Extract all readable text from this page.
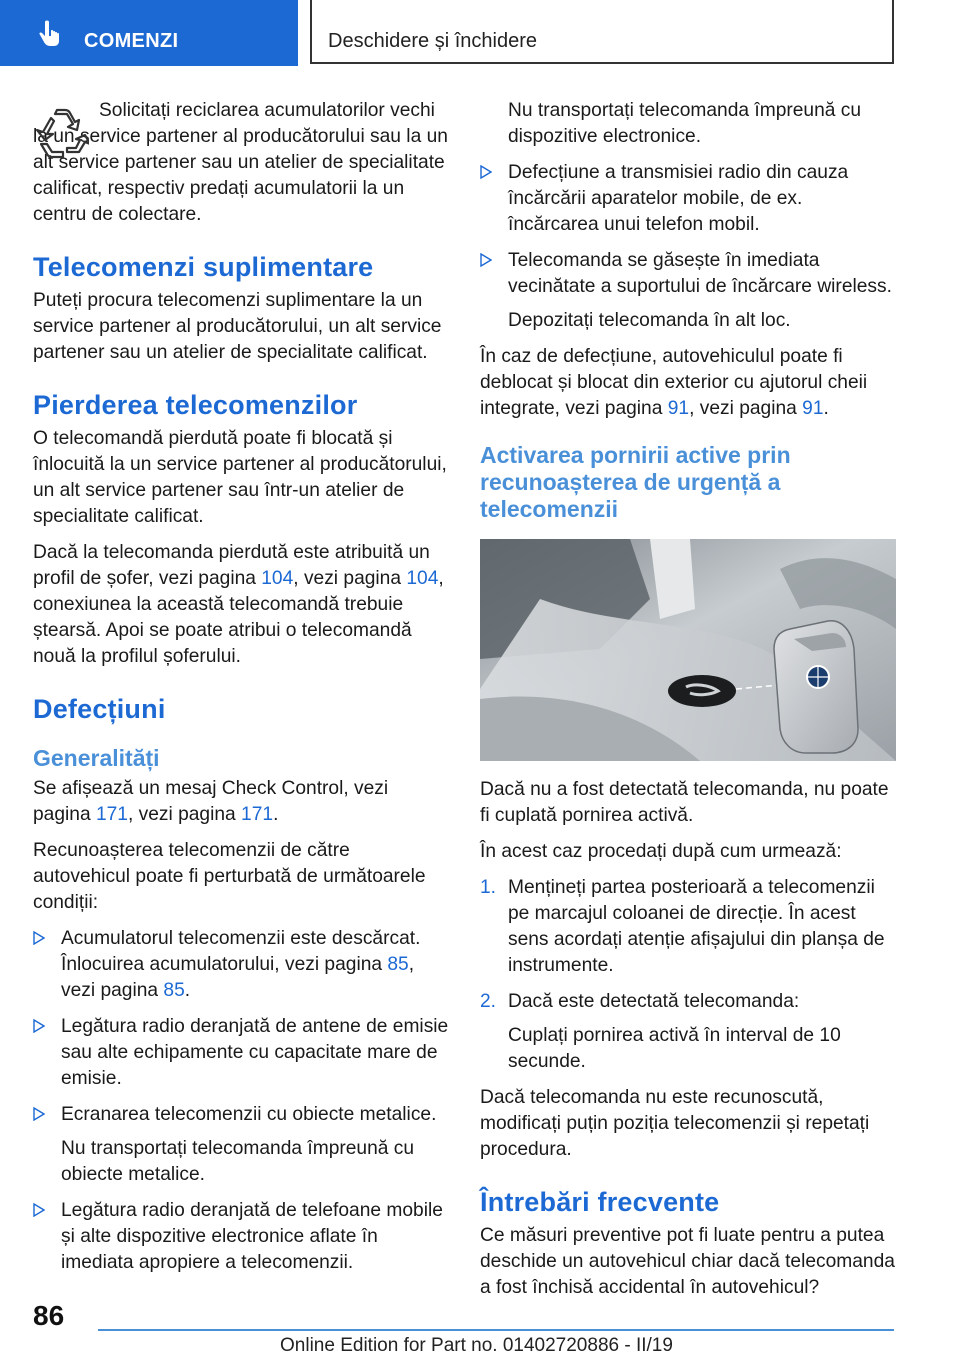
COMENZI	Deschidere și închidere

Solicitați reciclarea acumulatorilor vechi la un service partener al producătorului sau la un alt service partener sau un atelier de specialitate calificat, respectiv predați acumulatorii la un centru de colectare.

Telecomenzi suplimentare

Puteți procura telecomenzi suplimentare la un service partener al producătorului, un alt service partener sau un atelier de specialitate calificat.

Pierderea telecomenzilor

O telecomandă pierdută poate fi blocată și înlocuită la un service partener al producătorului, un alt service partener sau într-un atelier de specialitate calificat.

Dacă la telecomanda pierdută este atribuită un profil de șofer, vezi pagina 104, vezi pagina 104, conexiunea la această telecomandă trebuie ștearsă. Apoi se poate atribui o telecomandă nouă la profilul șoferului.

Defecțiuni
Generalități

Se afișează un mesaj Check Control, vezi pagina 171, vezi pagina 171.

Recunoașterea telecomenzii de către autovehicul poate fi perturbată de următoarele condiții:

Acumulatorul telecomenzii este descărcat. Înlocuirea acumulatorului, vezi pagina 85, vezi pagina 85.
Legătura radio deranjată de antene de emisie sau alte echipamente cu capacitate mare de emisie.
Ecranarea telecomenzii cu obiecte metalice.

Nu transportați telecomanda împreună cu obiecte metalice.

Legătura radio deranjată de telefoane mobile și alte dispozitive electronice aflate în imediata apropiere a telecomenzii.

Nu transportați telecomanda împreună cu dispozitive electronice.

Defecțiune a transmisiei radio din cauza încărcării aparatelor mobile, de ex. încărcarea unui telefon mobil.
Telecomanda se găsește în imediata vecinătate a suportului de încărcare wireless.

Depozitați telecomanda în alt loc.

În caz de defecțiune, autovehiculul poate fi deblocat și blocat din exterior cu ajutorul cheii integrate, vezi pagina 91, vezi pagina 91.

Activarea pornirii active prin recunoașterea de urgență a telecomenzii

Dacă nu a fost detectată telecomanda, nu poate fi cuplată pornirea activă.

În acest caz procedați după cum urmează:

1. Mențineți partea posterioară a telecomenzii pe marcajul coloanei de direcție. În acest sens acordați atenție afișajului din planșa de instrumente.
2. Dacă este detectată telecomanda:

Cuplați pornirea activă în interval de 10 secunde.

Dacă telecomanda nu este recunoscută, modificați puțin poziția telecomenzii și repetați procedura.

Întrebări frecvente

Ce măsuri preventive pot fi luate pentru a putea deschide un autovehicul chiar dacă telecomanda a fost închisă accidental în autovehicul?

86
Online Edition for Part no. 01402720886 - II/19
